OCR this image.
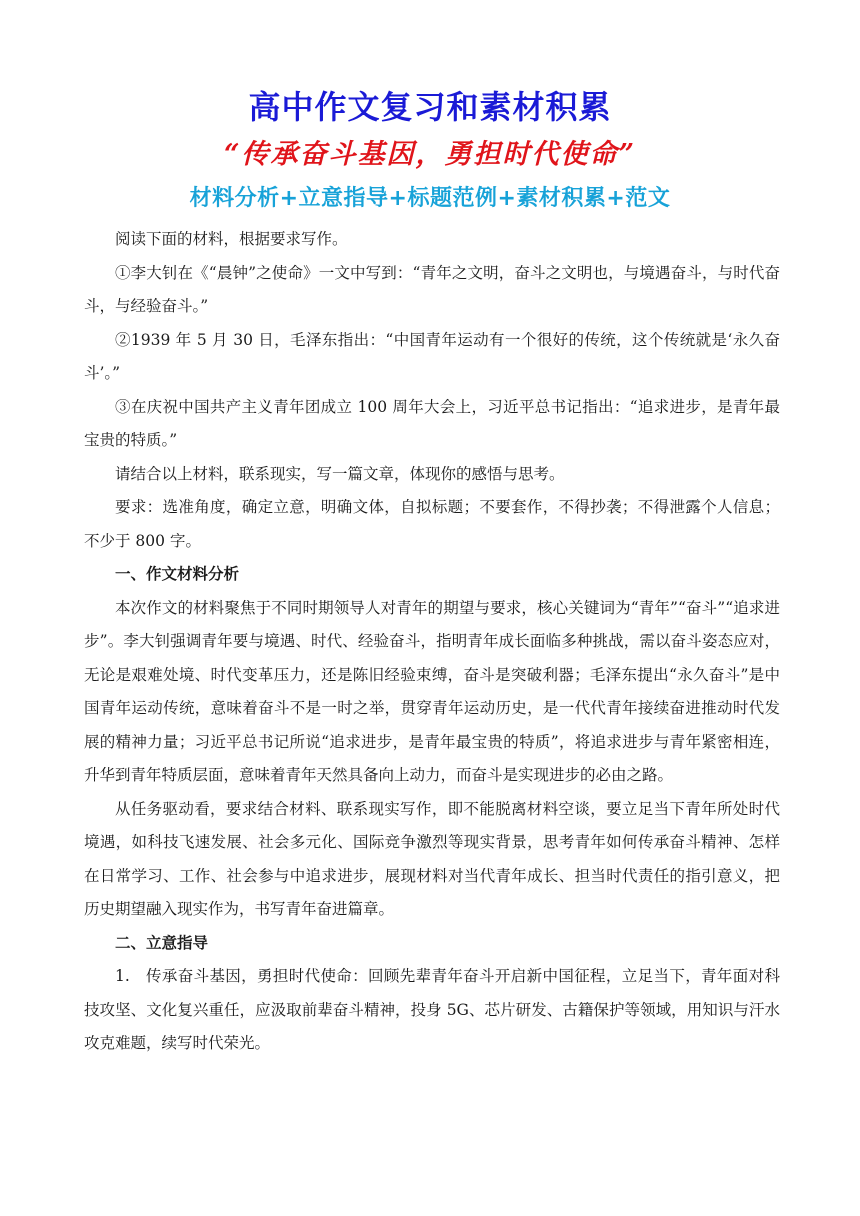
高中作文复习和素材积累
“传承奋斗基因，勇担时代使命”
材料分析+立意指导+标题范例+素材积累+范文

阅读下面的材料，根据要求写作。

①李大钊在《“晨钟”之使命》一文中写到：“青年之文明，奋斗之文明也，与境遇奋斗，与时代奋斗，与经验奋斗。”

②1939 年 5 月 30 日，毛泽东指出：“中国青年运动有一个很好的传统，这个传统就是‘永久奋斗’。”

③在庆祝中国共产主义青年团成立 100 周年大会上，习近平总书记指出：“追求进步，是青年最宝贵的特质。”

请结合以上材料，联系现实，写一篇文章，体现你的感悟与思考。

要求：选准角度，确定立意，明确文体，自拟标题；不要套作，不得抄袭；不得泄露个人信息；不少于 800 字。

一、作文材料分析

本次作文的材料聚焦于不同时期领导人对青年的期望与要求，核心关键词为“青年”“奋斗”“追求进步”。李大钊强调青年要与境遇、时代、经验奋斗，指明青年成长面临多种挑战，需以奋斗姿态应对，无论是艰难处境、时代变革压力，还是陈旧经验束缚，奋斗是突破利器；毛泽东提出“永久奋斗”是中国青年运动传统，意味着奋斗不是一时之举，贯穿青年运动历史，是一代代青年接续奋进推动时代发展的精神力量；习近平总书记所说“追求进步，是青年最宝贵的特质”，将追求进步与青年紧密相连，升华到青年特质层面，意味着青年天然具备向上动力，而奋斗是实现进步的必由之路。

从任务驱动看，要求结合材料、联系现实写作，即不能脱离材料空谈，要立足当下青年所处时代境遇，如科技飞速发展、社会多元化、国际竞争激烈等现实背景，思考青年如何传承奋斗精神、怎样在日常学习、工作、社会参与中追求进步，展现材料对当代青年成长、担当时代责任的指引意义，把历史期望融入现实作为，书写青年奋进篇章。

二、立意指导

1.　传承奋斗基因，勇担时代使命：回顾先辈青年奋斗开启新中国征程，立足当下，青年面对科技攻坚、文化复兴重任，应汲取前辈奋斗精神，投身 5G、芯片研发、古籍保护等领域，用知识与汗水攻克难题，续写时代荣光。
